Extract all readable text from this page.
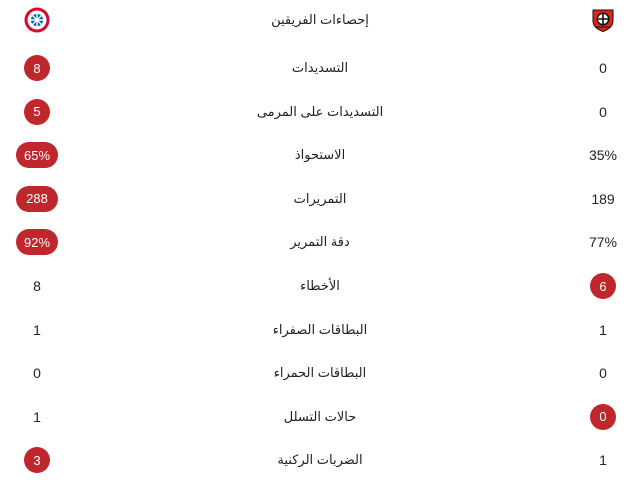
إحصاءات الفريقين
8	التسديدات	0
5	التسديدات على المرمى	0
65%	الاستحواذ	35%
288	التمريرات	189
92%	دقة التمرير	77%
8	الأخطاء	6
1	البطاقات الصفراء	1
0	البطاقات الحمراء	0
1	حالات التسلل	0
3	الضربات الركنية	1
